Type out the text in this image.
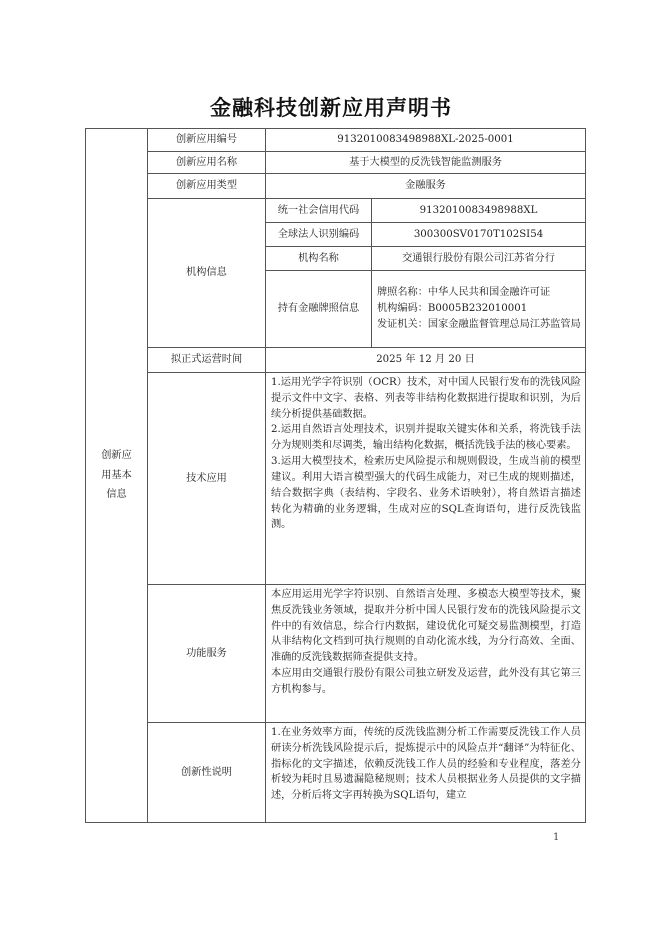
金融科技创新应用声明书
创新应用基本信息	创新应用编号	9132010083498988XL-2025-0001	
	创新应用名称	基于大模型的反洗钱智能监测服务	
	创新应用类型	金融服务	
	机构信息	统一社会信用代码	9132010083498988XL
		全球法人识别编码	300300SV0170T102SI54
		机构名称	交通银行股份有限公司江苏省分行
		持有金融牌照信息	牌照名称：中华人民共和国金融许可证
机构编码：B0005B232010001
发证机关：国家金融监督管理总局江苏监管局

	拟正式运营时间	2025 年 12 月 20 日	
	技术应用	1.运用光学字符识别（OCR）技术，对中国人民银行发布的洗钱风险提示文件中文字、表格、列表等非结构化数据进行提取和识别，为后续分析提供基础数据。
2.运用自然语言处理技术，识别并提取关键实体和关系，将洗钱手法分为规则类和尽调类，输出结构化数据，概括洗钱手法的核心要素。
3.运用大模型技术，检索历史风险提示和规则假设，生成当前的模型建议。利用大语言模型强大的代码生成能力，对已生成的规则描述，结合数据字典（表结构、字段名、业务术语映射），将自然语言描述转化为精确的业务逻辑，生成对应的SQL查询语句，进行反洗钱监测。	

	功能服务	本应用运用光学字符识别、自然语言处理、多模态大模型等技术，聚焦反洗钱业务领域，提取并分析中国人民银行发布的洗钱风险提示文件中的有效信息，综合行内数据，建设优化可疑交易监测模型，打造从非结构化文档到可执行规则的自动化流水线，为分行高效、全面、准确的反洗钱数据筛查提供支持。
本应用由交通银行股份有限公司独立研发及运营，此外没有其它第三方机构参与。	

	创新性说明	1.在业务效率方面，传统的反洗钱监测分析工作需要反洗钱工作人员研读分析洗钱风险提示后，提炼提示中的风险点并“翻译”为特征化、指标化的文字描述，依赖反洗钱工作人员的经验和专业程度，落差分析较为耗时且易遗漏隐秘规则；技术人员根据业务人员提供的文字描述，分析后将文字再转换为SQL语句，建立	
1
